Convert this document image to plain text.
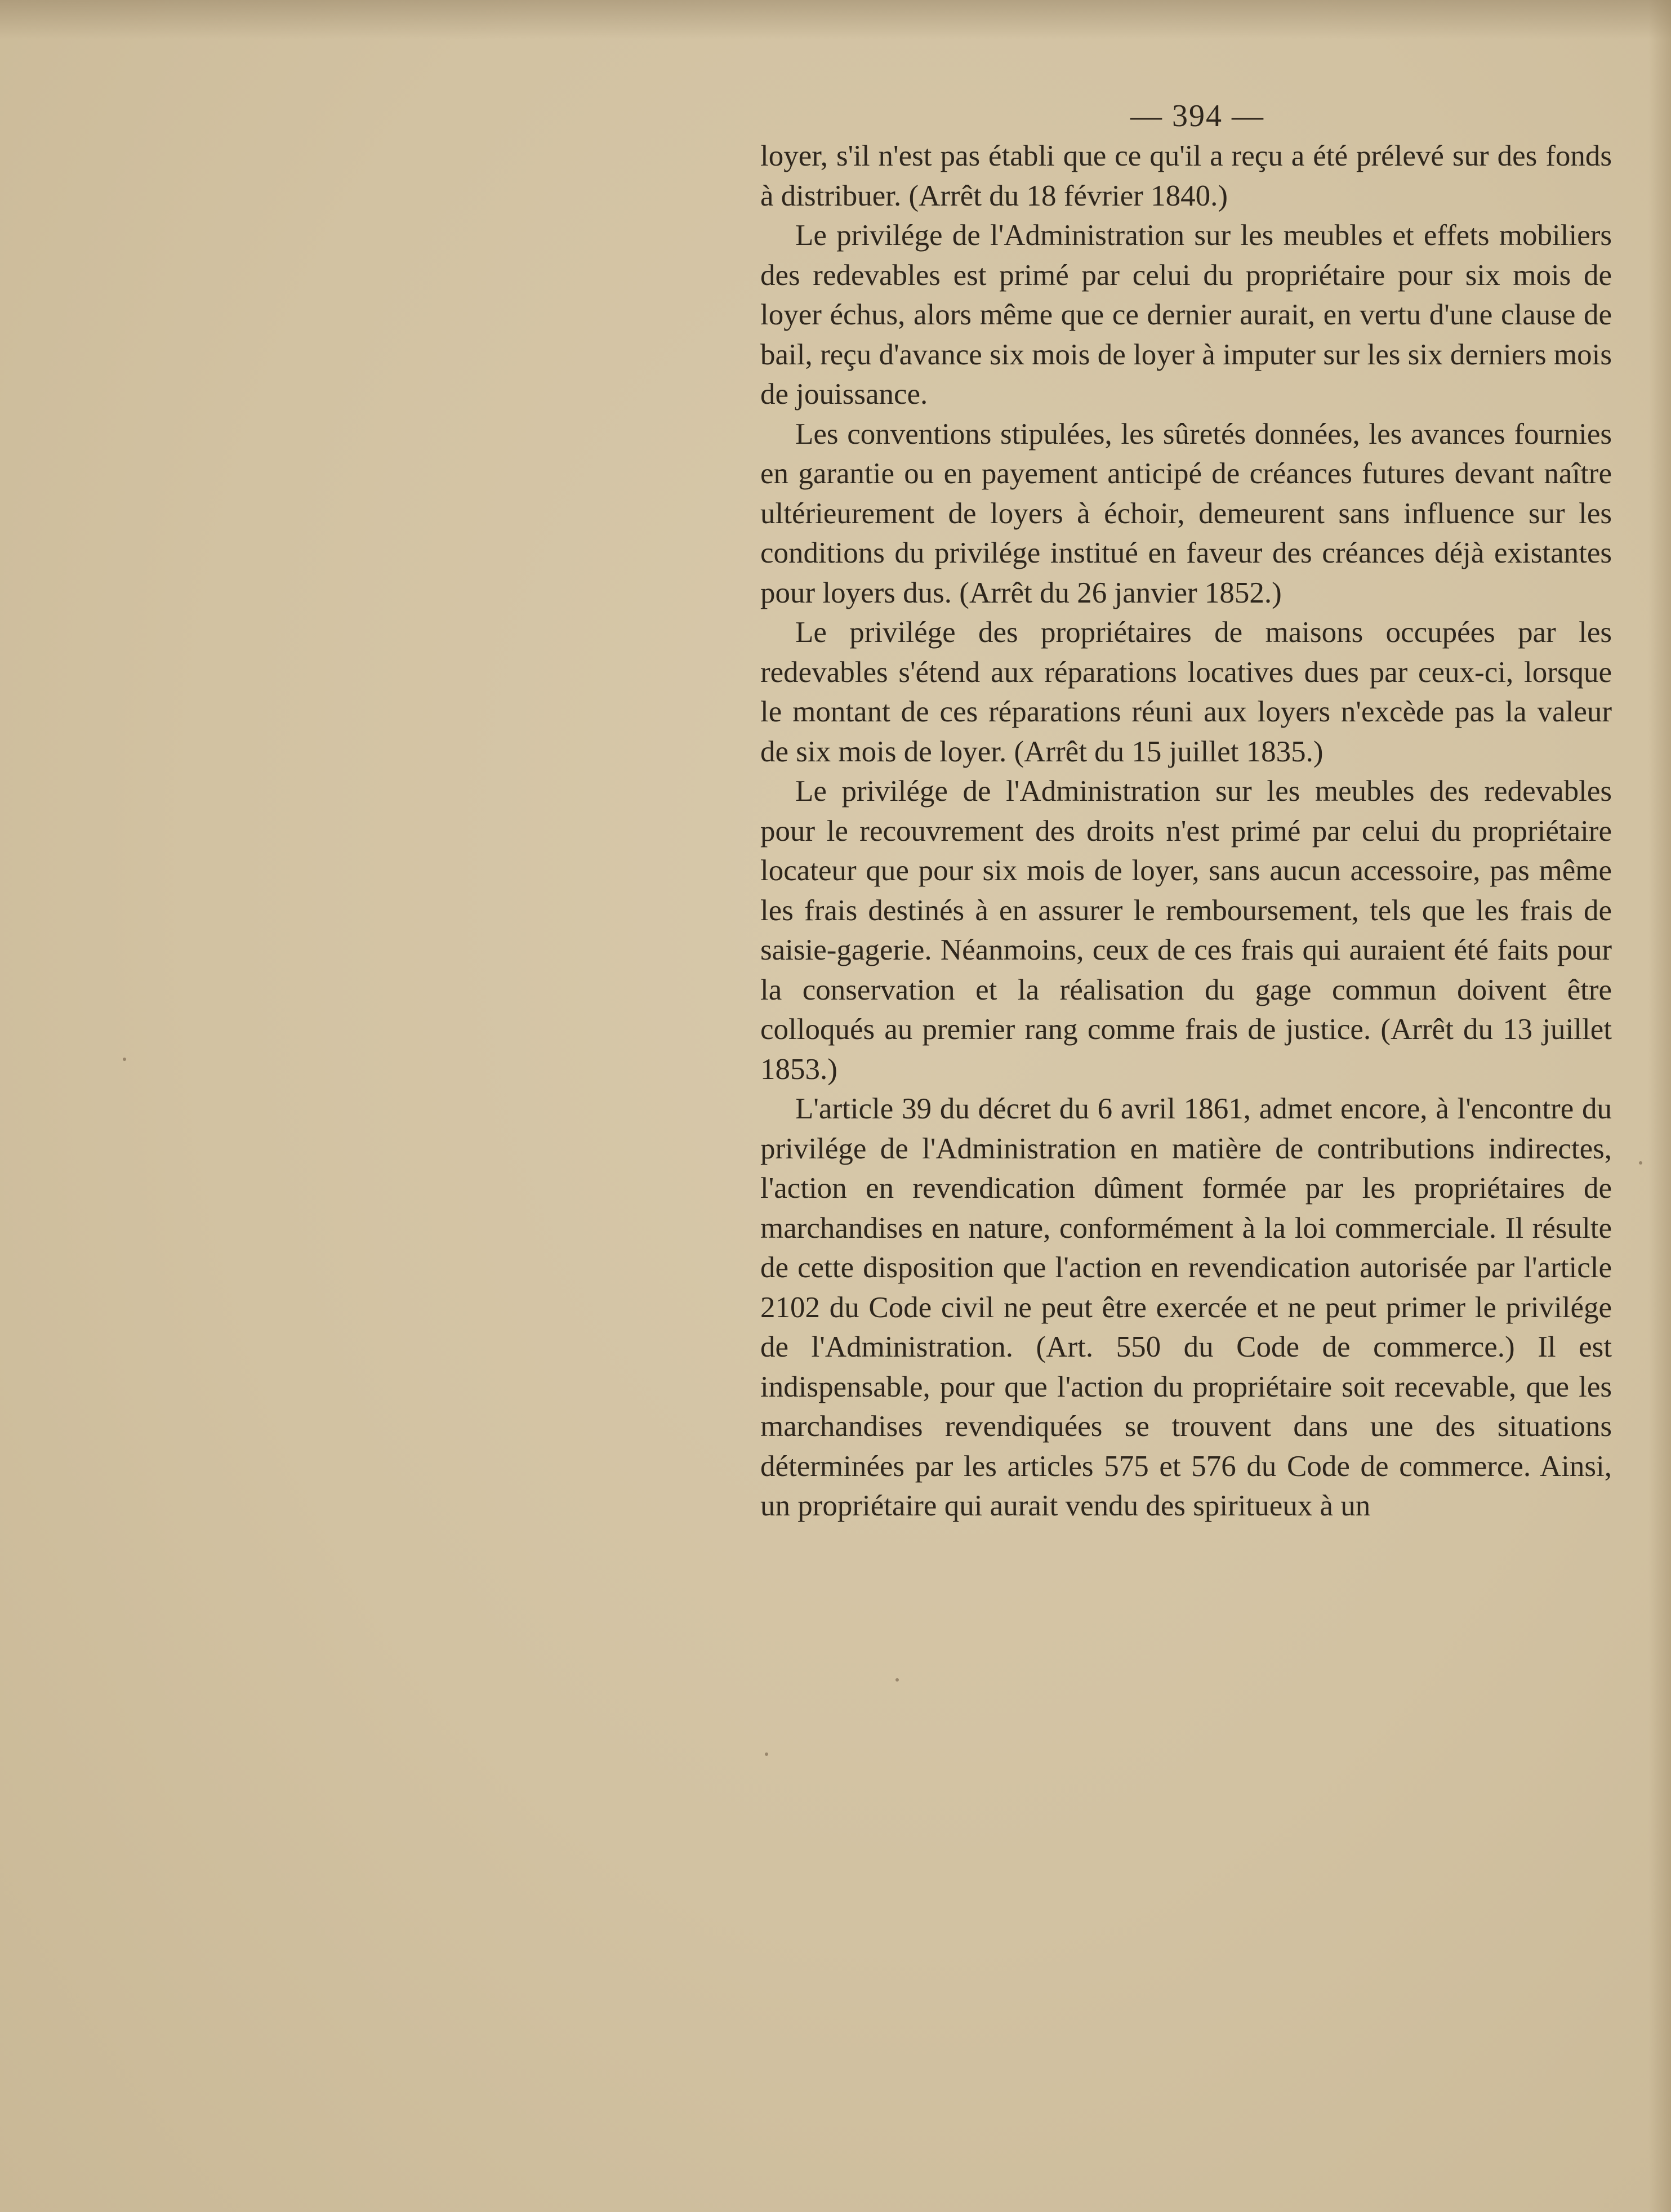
— 394 —

loyer, s'il n'est pas établi que ce qu'il a reçu a été prélevé sur des fonds à distribuer. (Arrêt du 18 février 1840.)

Le privilége de l'Administration sur les meubles et effets mobiliers des redevables est primé par celui du propriétaire pour six mois de loyer échus, alors même que ce dernier aurait, en vertu d'une clause de bail, reçu d'avance six mois de loyer à imputer sur les six derniers mois de jouissance.

Les conventions stipulées, les sûretés données, les avances fournies en garantie ou en payement anticipé de créances futures devant naître ultérieurement de loyers à échoir, demeurent sans influence sur les conditions du privilége institué en faveur des créances déjà existantes pour loyers dus. (Arrêt du 26 janvier 1852.)

Le privilége des propriétaires de maisons occupées par les redevables s'étend aux réparations locatives dues par ceux-ci, lorsque le montant de ces réparations réuni aux loyers n'excède pas la valeur de six mois de loyer. (Arrêt du 15 juillet 1835.)

Le privilége de l'Administration sur les meubles des redevables pour le recouvrement des droits n'est primé par celui du propriétaire locateur que pour six mois de loyer, sans aucun accessoire, pas même les frais destinés à en assurer le remboursement, tels que les frais de saisie-gagerie. Néanmoins, ceux de ces frais qui auraient été faits pour la conservation et la réalisation du gage commun doivent être colloqués au premier rang comme frais de justice. (Arrêt du 13 juillet 1853.)

L'article 39 du décret du 6 avril 1861, admet encore, à l'encontre du privilége de l'Administration en matière de contributions indirectes, l'action en revendication dûment formée par les propriétaires de marchandises en nature, conformément à la loi commerciale. Il résulte de cette disposition que l'action en revendication autorisée par l'article 2102 du Code civil ne peut être exercée et ne peut primer le privilége de l'Administration. (Art. 550 du Code de commerce.) Il est indispensable, pour que l'action du propriétaire soit recevable, que les marchandises revendiquées se trouvent dans une des situations déterminées par les articles 575 et 576 du Code de commerce. Ainsi, un propriétaire qui aurait vendu des spiritueux à un
